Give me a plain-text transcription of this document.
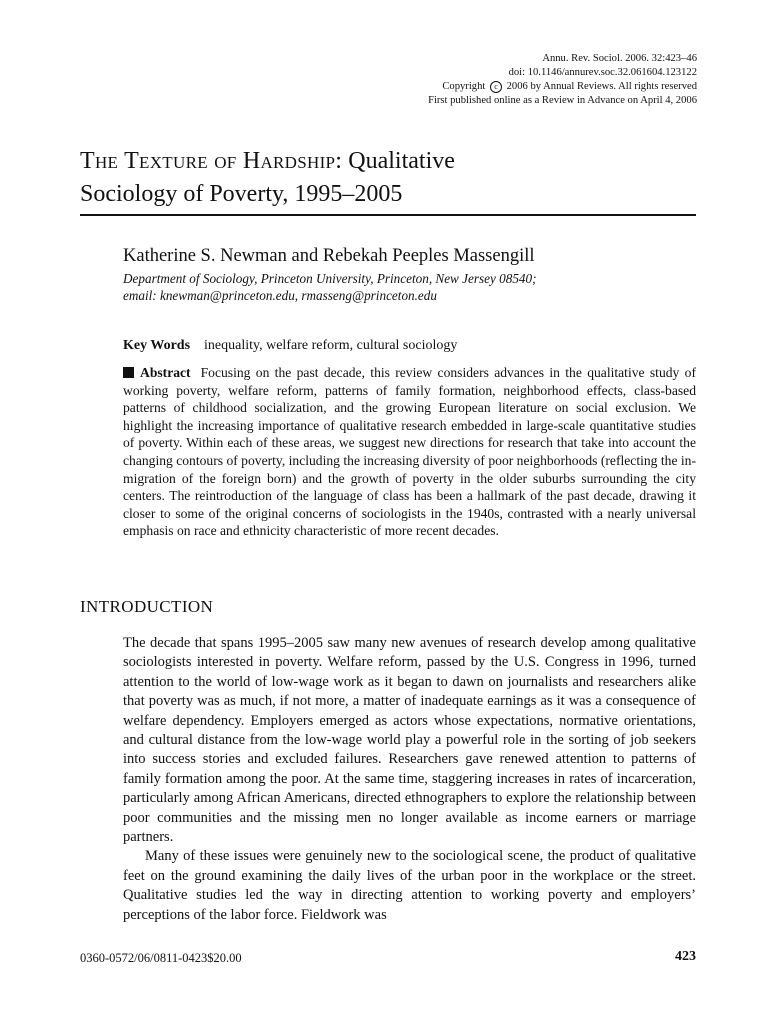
Annu. Rev. Sociol. 2006. 32:423–46
doi: 10.1146/annurev.soc.32.061604.123122
Copyright c 2006 by Annual Reviews. All rights reserved
First published online as a Review in Advance on April 4, 2006
The Texture of Hardship: Qualitative
Sociology of Poverty, 1995–2005
Katherine S. Newman and Rebekah Peeples Massengill
Department of Sociology, Princeton University, Princeton, New Jersey 08540;
email: knewman@princeton.edu, rmasseng@princeton.edu
Key Words inequality, welfare reform, cultural sociology
Abstract Focusing on the past decade, this review considers advances in the qualitative study of working poverty, welfare reform, patterns of family formation, neighborhood effects, class-based patterns of childhood socialization, and the growing European literature on social exclusion. We highlight the increasing importance of qualitative research embedded in large-scale quantitative studies of poverty. Within each of these areas, we suggest new directions for research that take into account the changing contours of poverty, including the increasing diversity of poor neighborhoods (reflecting the in-migration of the foreign born) and the growth of poverty in the older suburbs surrounding the city centers. The reintroduction of the language of class has been a hallmark of the past decade, drawing it closer to some of the original concerns of sociologists in the 1940s, contrasted with a nearly universal emphasis on race and ethnicity characteristic of more recent decades.
INTRODUCTION

The decade that spans 1995–2005 saw many new avenues of research develop among qualitative sociologists interested in poverty. Welfare reform, passed by the U.S. Congress in 1996, turned attention to the world of low-wage work as it began to dawn on journalists and researchers alike that poverty was as much, if not more, a matter of inadequate earnings as it was a consequence of welfare dependency. Employers emerged as actors whose expectations, normative orientations, and cultural distance from the low-wage world play a powerful role in the sorting of job seekers into success stories and excluded failures. Researchers gave renewed attention to patterns of family formation among the poor. At the same time, staggering increases in rates of incarceration, particularly among African Americans, directed ethnographers to explore the relationship between poor communities and the missing men no longer available as income earners or marriage partners.

Many of these issues were genuinely new to the sociological scene, the product of qualitative feet on the ground examining the daily lives of the urban poor in the workplace or the street. Qualitative studies led the way in directing attention to working poverty and employers’ perceptions of the labor force. Fieldwork was

0360-0572/06/0811-0423$20.00	423
